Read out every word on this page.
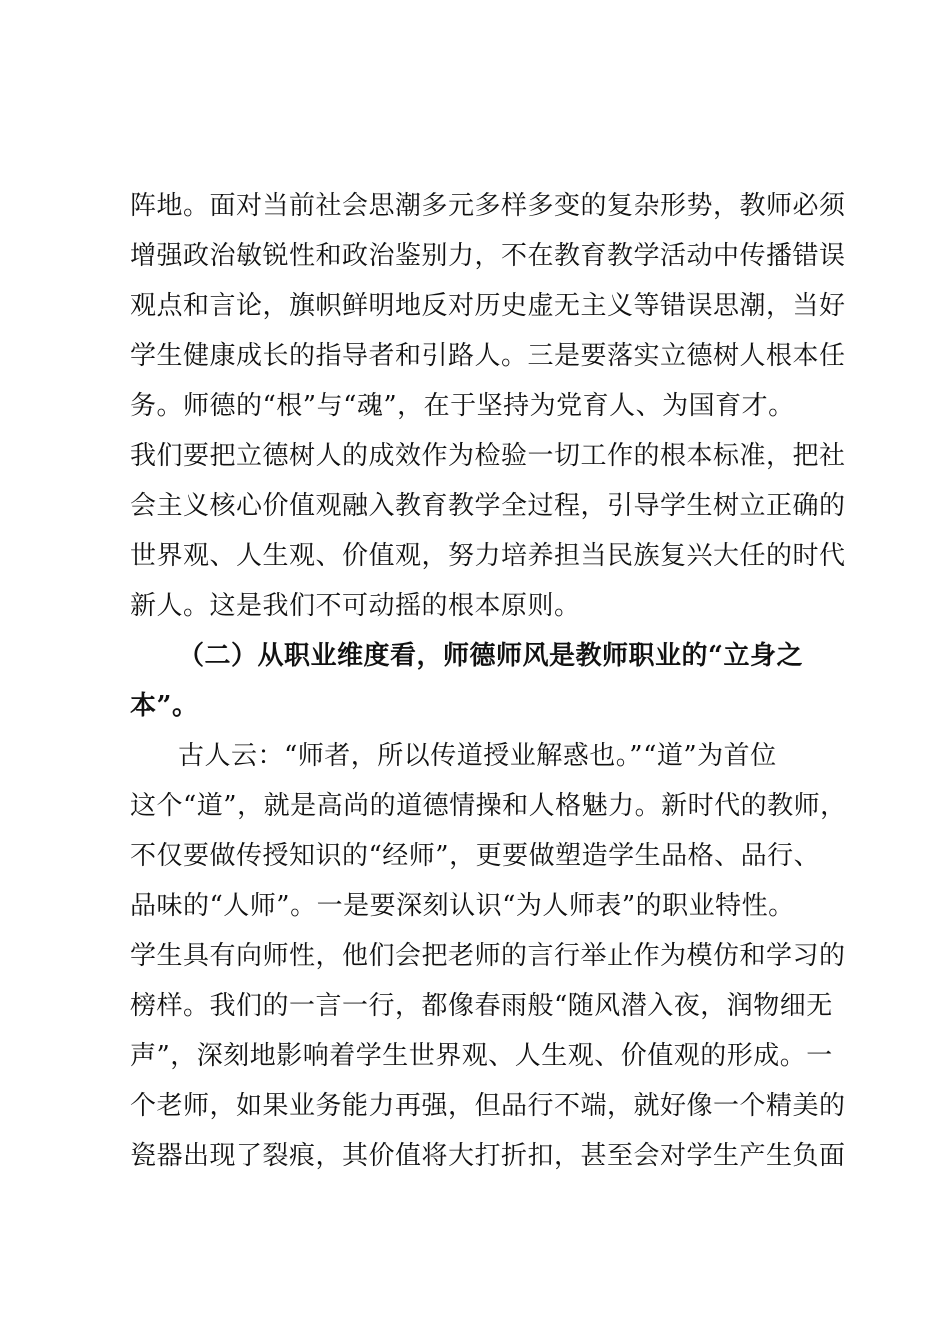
阵地。面对当前社会思潮多元多样多变的复杂形势，教师必须
增强政治敏锐性和政治鉴别力，不在教育教学活动中传播错误
观点和言论，旗帜鲜明地反对历史虚无主义等错误思潮，当好
学生健康成长的指导者和引路人。三是要落实立德树人根本任
务。师德的“根”与“魂”，在于坚持为党育人、为国育才。
我们要把立德树人的成效作为检验一切工作的根本标准，把社
会主义核心价值观融入教育教学全过程，引导学生树立正确的
世界观、人生观、价值观，努力培养担当民族复兴大任的时代
新人。这是我们不可动摇的根本原则。
（二）从职业维度看，师德师风是教师职业的“立身之
本”。
古人云：“师者，所以传道授业解惑也。”“道”为首位
这个“道”，就是高尚的道德情操和人格魅力。新时代的教师，
不仅要做传授知识的“经师”，更要做塑造学生品格、品行、
品味的“人师”。一是要深刻认识“为人师表”的职业特性。
学生具有向师性，他们会把老师的言行举止作为模仿和学习的
榜样。我们的一言一行，都像春雨般“随风潜入夜，润物细无
声”，深刻地影响着学生世界观、人生观、价值观的形成。一
个老师，如果业务能力再强，但品行不端，就好像一个精美的
瓷器出现了裂痕，其价值将大打折扣，甚至会对学生产生负面
